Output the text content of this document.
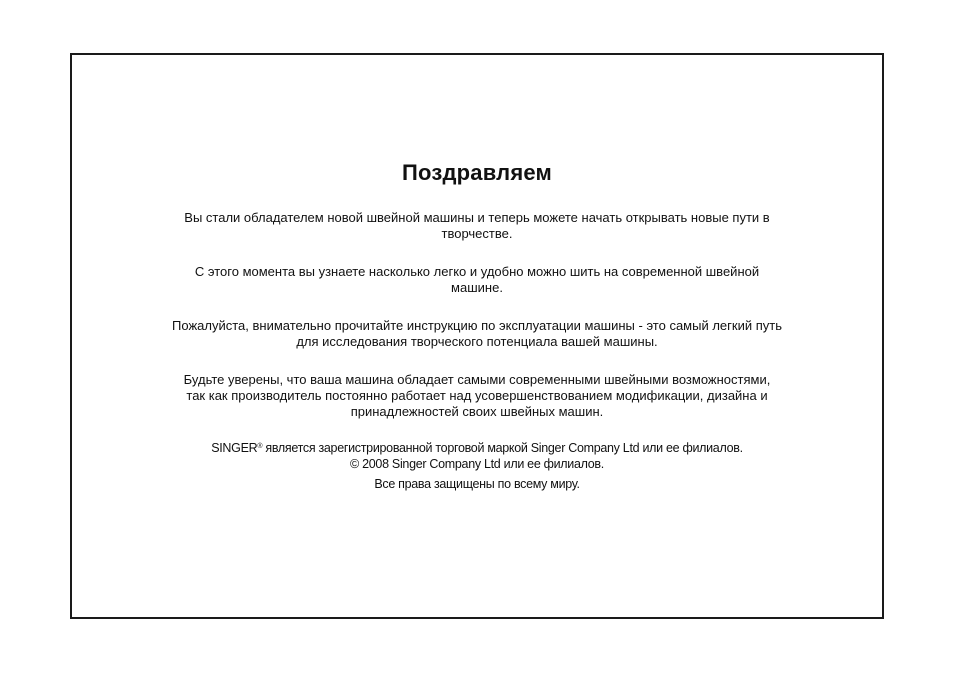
Поздравляем

Вы стали обладателем новой швейной машины и теперь можете начать открывать новые пути в творчестве.

С этого момента вы узнаете насколько легко и удобно можно шить на современной швейной машине.

Пожалуйста, внимательно прочитайте инструкцию по эксплуатации машины - это самый легкий путь для исследования творческого потенциала вашей машины.

Будьте уверены, что ваша машина обладает самыми современными швейными возможностями, так как производитель постоянно работает над усовершенствованием модификации, дизайна и принадлежностей своих швейных машин.

SINGER® является зарегистрированной торговой маркой Singer Company Ltd или ее филиалов.
© 2008 Singer Company Ltd или ее филиалов.
Все права защищены по всему миру.
